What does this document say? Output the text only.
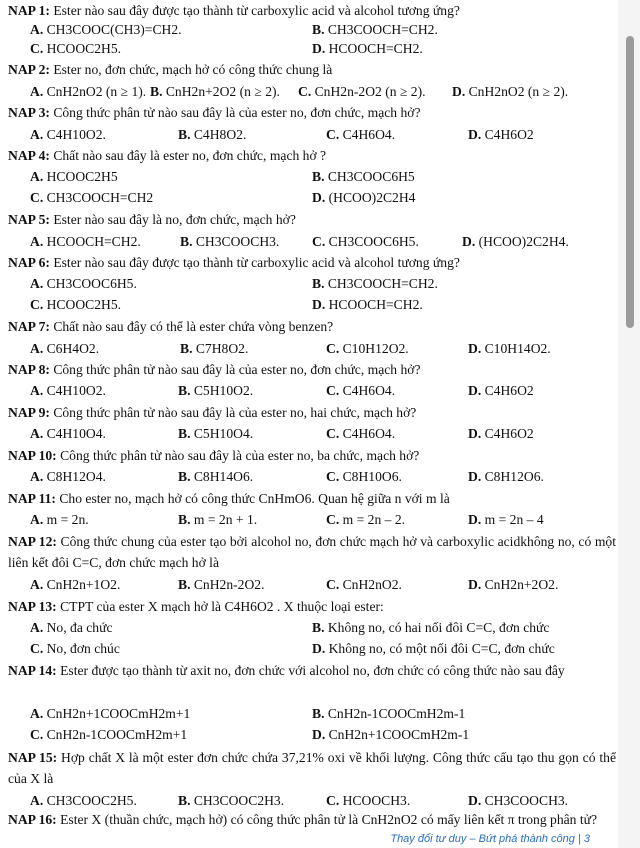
NAP 1: Ester nào sau đây được tạo thành từ carboxylic acid và alcohol tương ứng?
A. CH3COOC(CH3)=CH2.	B. CH3COOCH=CH2.
C. HCOOC2H5.	D. HCOOCH=CH2.
NAP 2: Ester no, đơn chức, mạch hở có công thức chung là
A. CnH2nO2 (n ≥ 1). B. CnH2n+2O2 (n ≥ 2). C. CnH2n-2O2 (n ≥ 2). D. CnH2nO2 (n ≥ 2).
NAP 3: Công thức phân tử nào sau đây là của ester no, đơn chức, mạch hở?
A. C4H10O2.	B. C4H8O2.	C. C4H6O4.	D. C4H6O2
NAP 4: Chất nào sau đây là ester no, đơn chức, mạch hở ?
A. HCOOC2H5	B. CH3COOC6H5
C. CH3COOCH=CH2	D. (HCOO)2C2H4
NAP 5: Ester nào sau đây là no, đơn chức, mạch hở?
A. HCOOCH=CH2.	B. CH3COOCH3. C. CH3COOC6H5.	D. (HCOO)2C2H4.
NAP 6: Ester nào sau đây được tạo thành từ carboxylic acid và alcohol tương ứng?
A. CH3COOC6H5.	B. CH3COOCH=CH2.
C. HCOOC2H5.	D. HCOOCH=CH2.
NAP 7: Chất nào sau đây có thể là ester chứa vòng benzen?
A. C6H4O2.	B. C7H8O2.	C. C10H12O2.	D. C10H14O2.
NAP 8: Công thức phân tử nào sau đây là của ester no, đơn chức, mạch hở?
A. C4H10O2.	B. C5H10O2.	C. C4H6O4.	D. C4H6O2
NAP 9: Công thức phân tử nào sau đây là của ester no, hai chức, mạch hở?
A. C4H10O4.	B. C5H10O4.	C. C4H6O4.	D. C4H6O2
NAP 10: Công thức phân tử nào sau đây là của ester no, ba chức, mạch hở?
A. C8H12O4.	B. C8H14O6.	C. C8H10O6.	D. C8H12O6.
NAP 11: Cho ester no, mạch hở có công thức CnHmO6. Quan hệ giữa n với m là
A. m = 2n.	B. m = 2n + 1.	C. m = 2n – 2.	D. m = 2n – 4
NAP 12: Công thức chung của ester tạo bởi alcohol no, đơn chức mạch hở và carboxylic acidkhông no, có một liên kết đôi C=C, đơn chức mạch hở là
A. CnH2n+1O2.	B. CnH2n-2O2.	C. CnH2nO2.	D. CnH2n+2O2.
NAP 13: CTPT của ester X mạch hở là C4H6O2 . X thuộc loại ester:
A. No, đa chức	B. Không no, có hai nối đôi C=C, đơn chức
C. No, đơn chúc	D. Không no, có một nối đôi C=C, đơn chức
NAP 14: Ester được tạo thành từ axit no, đơn chức với alcohol no, đơn chức có công thức nào sau đây
A. CnH2n+1COOCmH2m+1	B. CnH2n-1COOCmH2m-1
C. CnH2n-1COOCmH2m+1	D. CnH2n+1COOCmH2m-1
NAP 15: Hợp chất X là một ester đơn chức chứa 37,21% oxi về khối lượng. Công thức cấu tạo thu gọn có thể của X là
A. CH3COOC2H5.	B. CH3COOC2H3.	C. HCOOCH3.	D. CH3COOCH3.
NAP 16: Ester X (thuần chức, mạch hở) có công thức phân tử là CnH2nO2 có mấy liên kết π trong phân tử?
Thay đổi tư duy – Bứt phá thành công | 3
